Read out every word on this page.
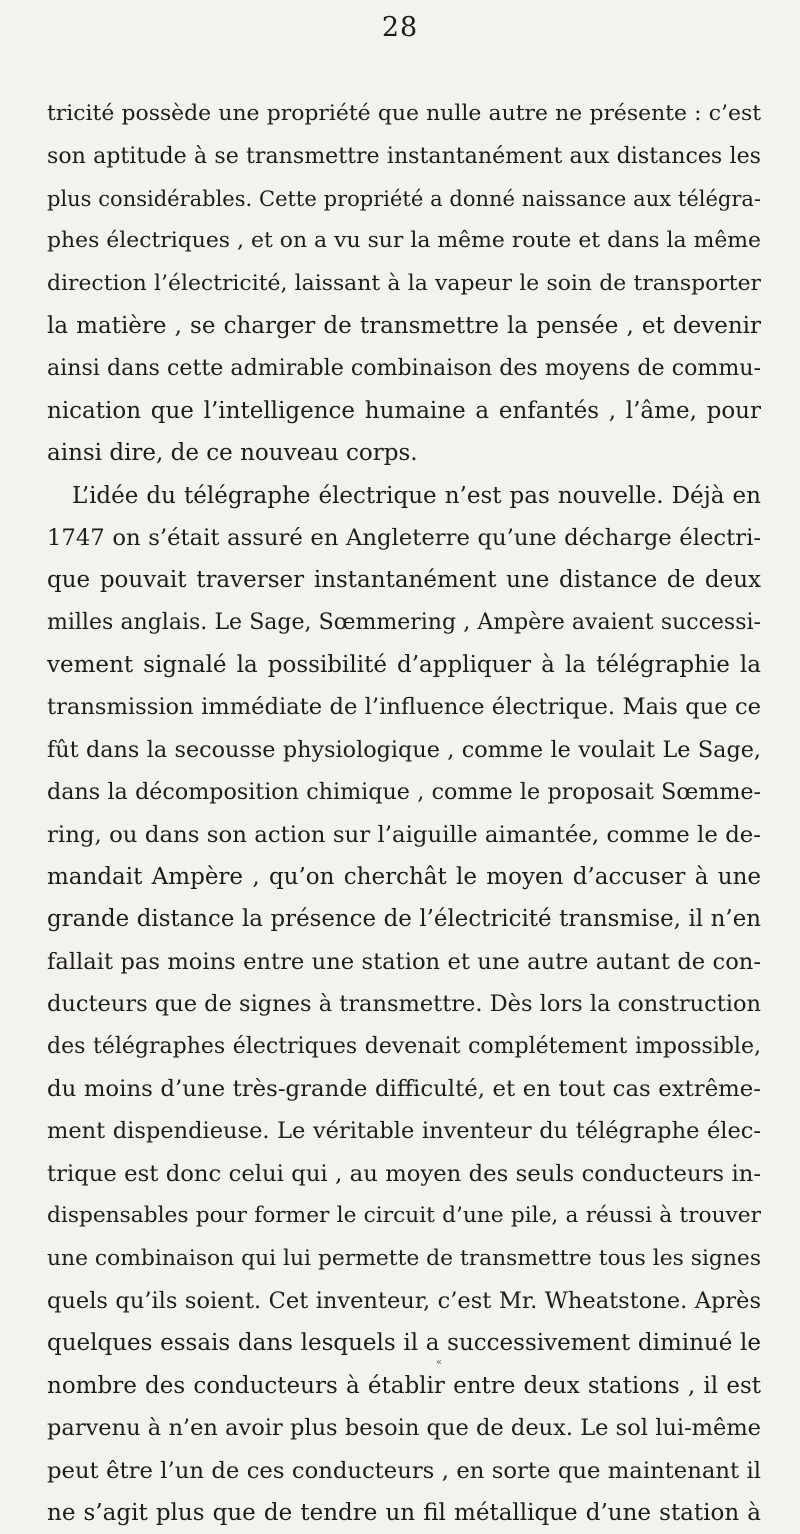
28
tricité possède une propriété que nulle autre ne présente : c’est
son aptitude à se transmettre instantanément aux distances les
plus considérables. Cette propriété a donné naissance aux télégra-
phes électriques , et on a vu sur la même route et dans la même
direction l’électricité, laissant à la vapeur le soin de transporter
la matière , se charger de transmettre la pensée , et devenir
ainsi dans cette admirable combinaison des moyens de commu-
nication que l’intelligence humaine a enfantés , l’âme, pour
ainsi dire, de ce nouveau corps.
L’idée du télégraphe électrique n’est pas nouvelle. Déjà en
1747 on s’était assuré en Angleterre qu’une décharge électri-
que pouvait traverser instantanément une distance de deux
milles anglais. Le Sage, Sœmmering , Ampère avaient successi-
vement signalé la possibilité d’appliquer à la télégraphie la
transmission immédiate de l’influence électrique. Mais que ce
fût dans la secousse physiologique , comme le voulait Le Sage,
dans la décomposition chimique , comme le proposait Sœmme-
ring, ou dans son action sur l’aiguille aimantée, comme le de-
mandait Ampère , qu’on cherchât le moyen d’accuser à une
grande distance la présence de l’électricité transmise, il n’en
fallait pas moins entre une station et une autre autant de con-
ducteurs que de signes à transmettre. Dès lors la construction
des télégraphes électriques devenait complétement impossible,
du moins d’une très-grande difficulté, et en tout cas extrême-
ment dispendieuse. Le véritable inventeur du télégraphe élec-
trique est donc celui qui , au moyen des seuls conducteurs in-
dispensables pour former le circuit d’une pile, a réussi à trouver
une combinaison qui lui permette de transmettre tous les signes
quels qu’ils soient. Cet inventeur, c’est Mr. Wheatstone. Après
quelques essais dans lesquels il a successivement diminué le
nombre des conducteurs à établir entre deux stations , il est
parvenu à n’en avoir plus besoin que de deux. Le sol lui-même
peut être l’un de ces conducteurs , en sorte que maintenant il
ne s’agit plus que de tendre un fil métallique d’une station à
«
